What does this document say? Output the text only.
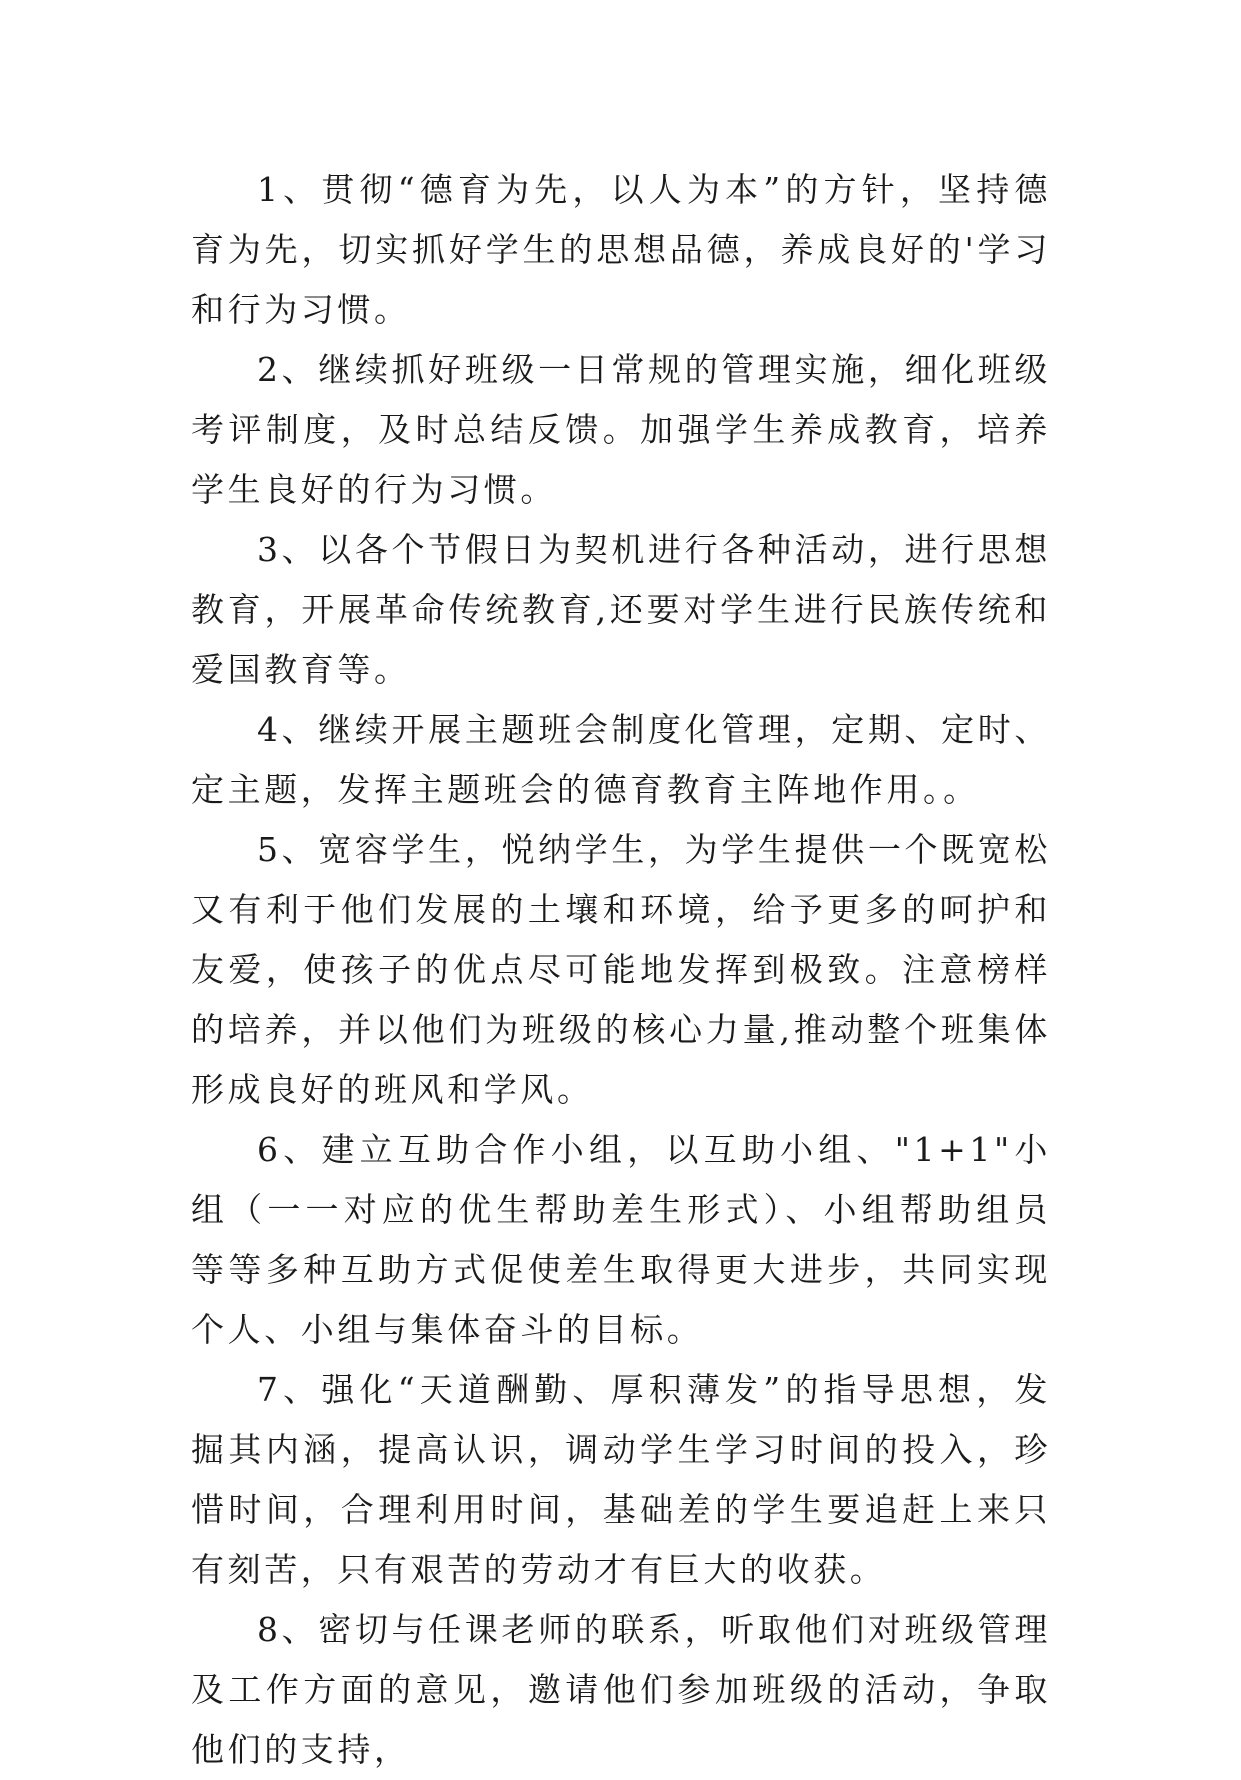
1、贯彻“德育为先，以人为本”的方针，坚持德育为先，切实抓好学生的思想品德，养成良好的'学习和行为习惯。

2、继续抓好班级一日常规的管理实施，细化班级考评制度，及时总结反馈。加强学生养成教育，培养学生良好的行为习惯。

3、以各个节假日为契机进行各种活动，进行思想教育，开展革命传统教育,还要对学生进行民族传统和爱国教育等。

4、继续开展主题班会制度化管理，定期、定时、定主题，发挥主题班会的德育教育主阵地作用。。

5、宽容学生，悦纳学生，为学生提供一个既宽松又有利于他们发展的土壤和环境，给予更多的呵护和友爱，使孩子的优点尽可能地发挥到极致。注意榜样的培养，并以他们为班级的核心力量,推动整个班集体形成良好的班风和学风。

6、建立互助合作小组，以互助小组、"1+1"小组（一一对应的优生帮助差生形式）、小组帮助组员等等多种互助方式促使差生取得更大进步，共同实现个人、小组与集体奋斗的目标。

7、强化“天道酬勤、厚积薄发”的指导思想，发掘其内涵，提高认识，调动学生学习时间的投入，珍惜时间，合理利用时间，基础差的学生要追赶上来只有刻苦，只有艰苦的劳动才有巨大的收获。

8、密切与任课老师的联系，听取他们对班级管理及工作方面的意见，邀请他们参加班级的活动，争取他们的支持，
